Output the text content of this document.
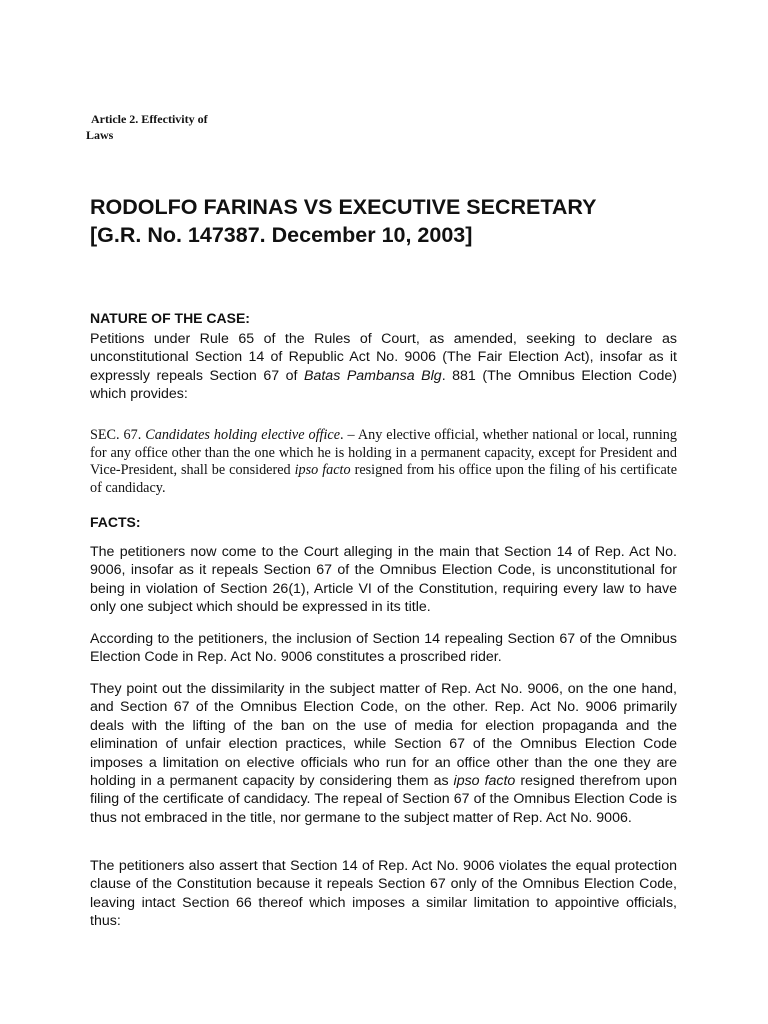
Article 2. Effectivity of
Laws
RODOLFO FARINAS VS EXECUTIVE SECRETARY
[G.R. No. 147387. December 10, 2003]
NATURE OF THE CASE:

Petitions under Rule 65 of the Rules of Court, as amended, seeking to declare as unconstitutional Section 14 of Republic Act No. 9006 (The Fair Election Act), insofar as it expressly repeals Section 67 of Batas Pambansa Blg. 881 (The Omnibus Election Code) which provides:

SEC. 67. Candidates holding elective office. – Any elective official, whether national or local, running for any office other than the one which he is holding in a permanent capacity, except for President and Vice-President, shall be considered ipso facto resigned from his office upon the filing of his certificate of candidacy.

FACTS:

The petitioners now come to the Court alleging in the main that Section 14 of Rep. Act No. 9006, insofar as it repeals Section 67 of the Omnibus Election Code, is unconstitutional for being in violation of Section 26(1), Article VI of the Constitution, requiring every law to have only one subject which should be expressed in its title.

According to the petitioners, the inclusion of Section 14 repealing Section 67 of the Omnibus Election Code in Rep. Act No. 9006 constitutes a proscribed rider.

They point out the dissimilarity in the subject matter of Rep. Act No. 9006, on the one hand, and Section 67 of the Omnibus Election Code, on the other. Rep. Act No. 9006 primarily deals with the lifting of the ban on the use of media for election propaganda and the elimination of unfair election practices, while Section 67 of the Omnibus Election Code imposes a limitation on elective officials who run for an office other than the one they are holding in a permanent capacity by considering them as ipso facto resigned therefrom upon filing of the certificate of candidacy. The repeal of Section 67 of the Omnibus Election Code is thus not embraced in the title, nor germane to the subject matter of Rep. Act No. 9006.

The petitioners also assert that Section 14 of Rep. Act No. 9006 violates the equal protection clause of the Constitution because it repeals Section 67 only of the Omnibus Election Code, leaving intact Section 66 thereof which imposes a similar limitation to appointive officials, thus:
